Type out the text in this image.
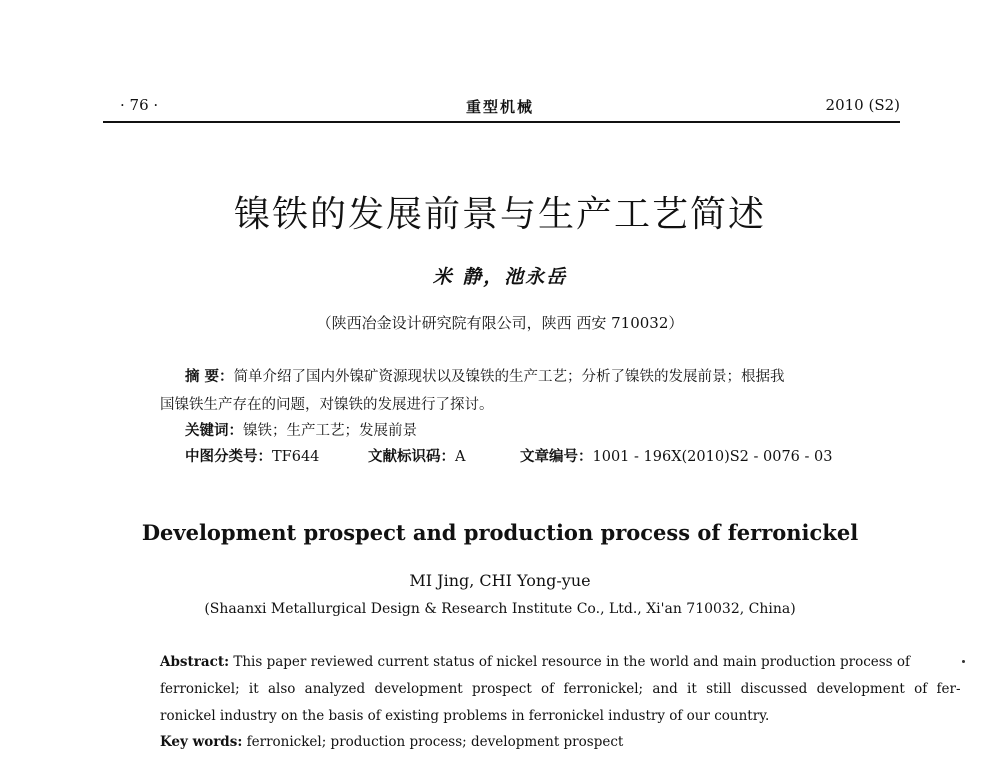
· 76 ·	重型机械	2010 (S2)
镍铁的发展前景与生产工艺简述
米 静，池永岳
（陕西冶金设计研究院有限公司，陕西 西安 710032）
摘 要：简单介绍了国内外镍矿资源现状以及镍铁的生产工艺；分析了镍铁的发展前景；根据我
国镍铁生产存在的问题，对镍铁的发展进行了探讨。
关键词：镍铁；生产工艺；发展前景
中图分类号：TF644	文献标识码：A	文章编号：1001 - 196X(2010)S2 - 0076 - 03
Development prospect and production process of ferronickel
MI Jing, CHI Yong-yue
(Shaanxi Metallurgical Design & Research Institute Co., Ltd., Xi'an 710032, China)
Abstract: This paper reviewed current status of nickel resource in the world and main production process of
ferronickel; it also analyzed development prospect of ferronickel; and it still discussed development of fer-
ronickel industry on the basis of existing problems in ferronickel industry of our country.
Key words: ferronickel; production process; development prospect
